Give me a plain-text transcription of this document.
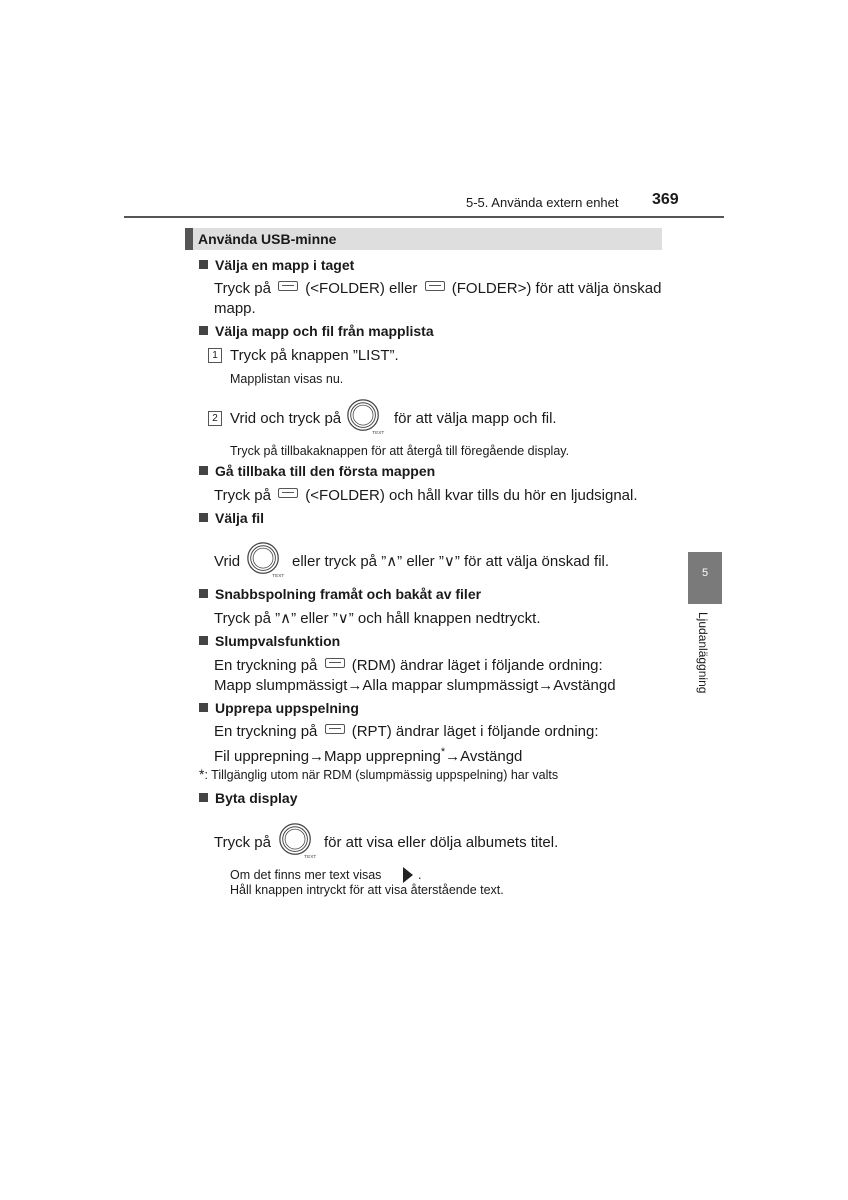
5-5. Använda extern enhet 369
Använda USB-minne
Välja en mapp i taget
Tryck på (<FOLDER) eller (FOLDER>) för att välja önskad
mapp.
Välja mapp och fil från mapplista
1 Tryck på knappen ”LIST”.
Mapplistan visas nu.
2 Vrid och tryck på
TEXT
för att välja mapp och fil.
Tryck på tillbakaknappen för att återgå till föregående display.
Gå tillbaka till den första mappen
Tryck på (<FOLDER) och håll kvar tills du hör en ljudsignal.
Välja fil
Vrid
TEXT
eller tryck på ”∧” eller ”∨” för att välja önskad fil.
Snabbspolning framåt och bakåt av filer
Tryck på ”∧” eller ”∨” och håll knappen nedtryckt.
Slumpvalsfunktion
En tryckning på (RDM) ändrar läget i följande ordning:
Mapp slumpmässigt→Alla mappar slumpmässigt→Avstängd
Upprepa uppspelning
En tryckning på (RPT) ändrar läget i följande ordning:
Fil upprepning→Mapp upprepning*→Avstängd
*: Tillgänglig utom när RDM (slumpmässig uppspelning) har valts
Byta display
Tryck på
TEXT
för att visa eller dölja albumets titel.
Om det finns mer text visas	.
Håll knappen intryckt för att visa återstående text.
5
Ljudanläggning
